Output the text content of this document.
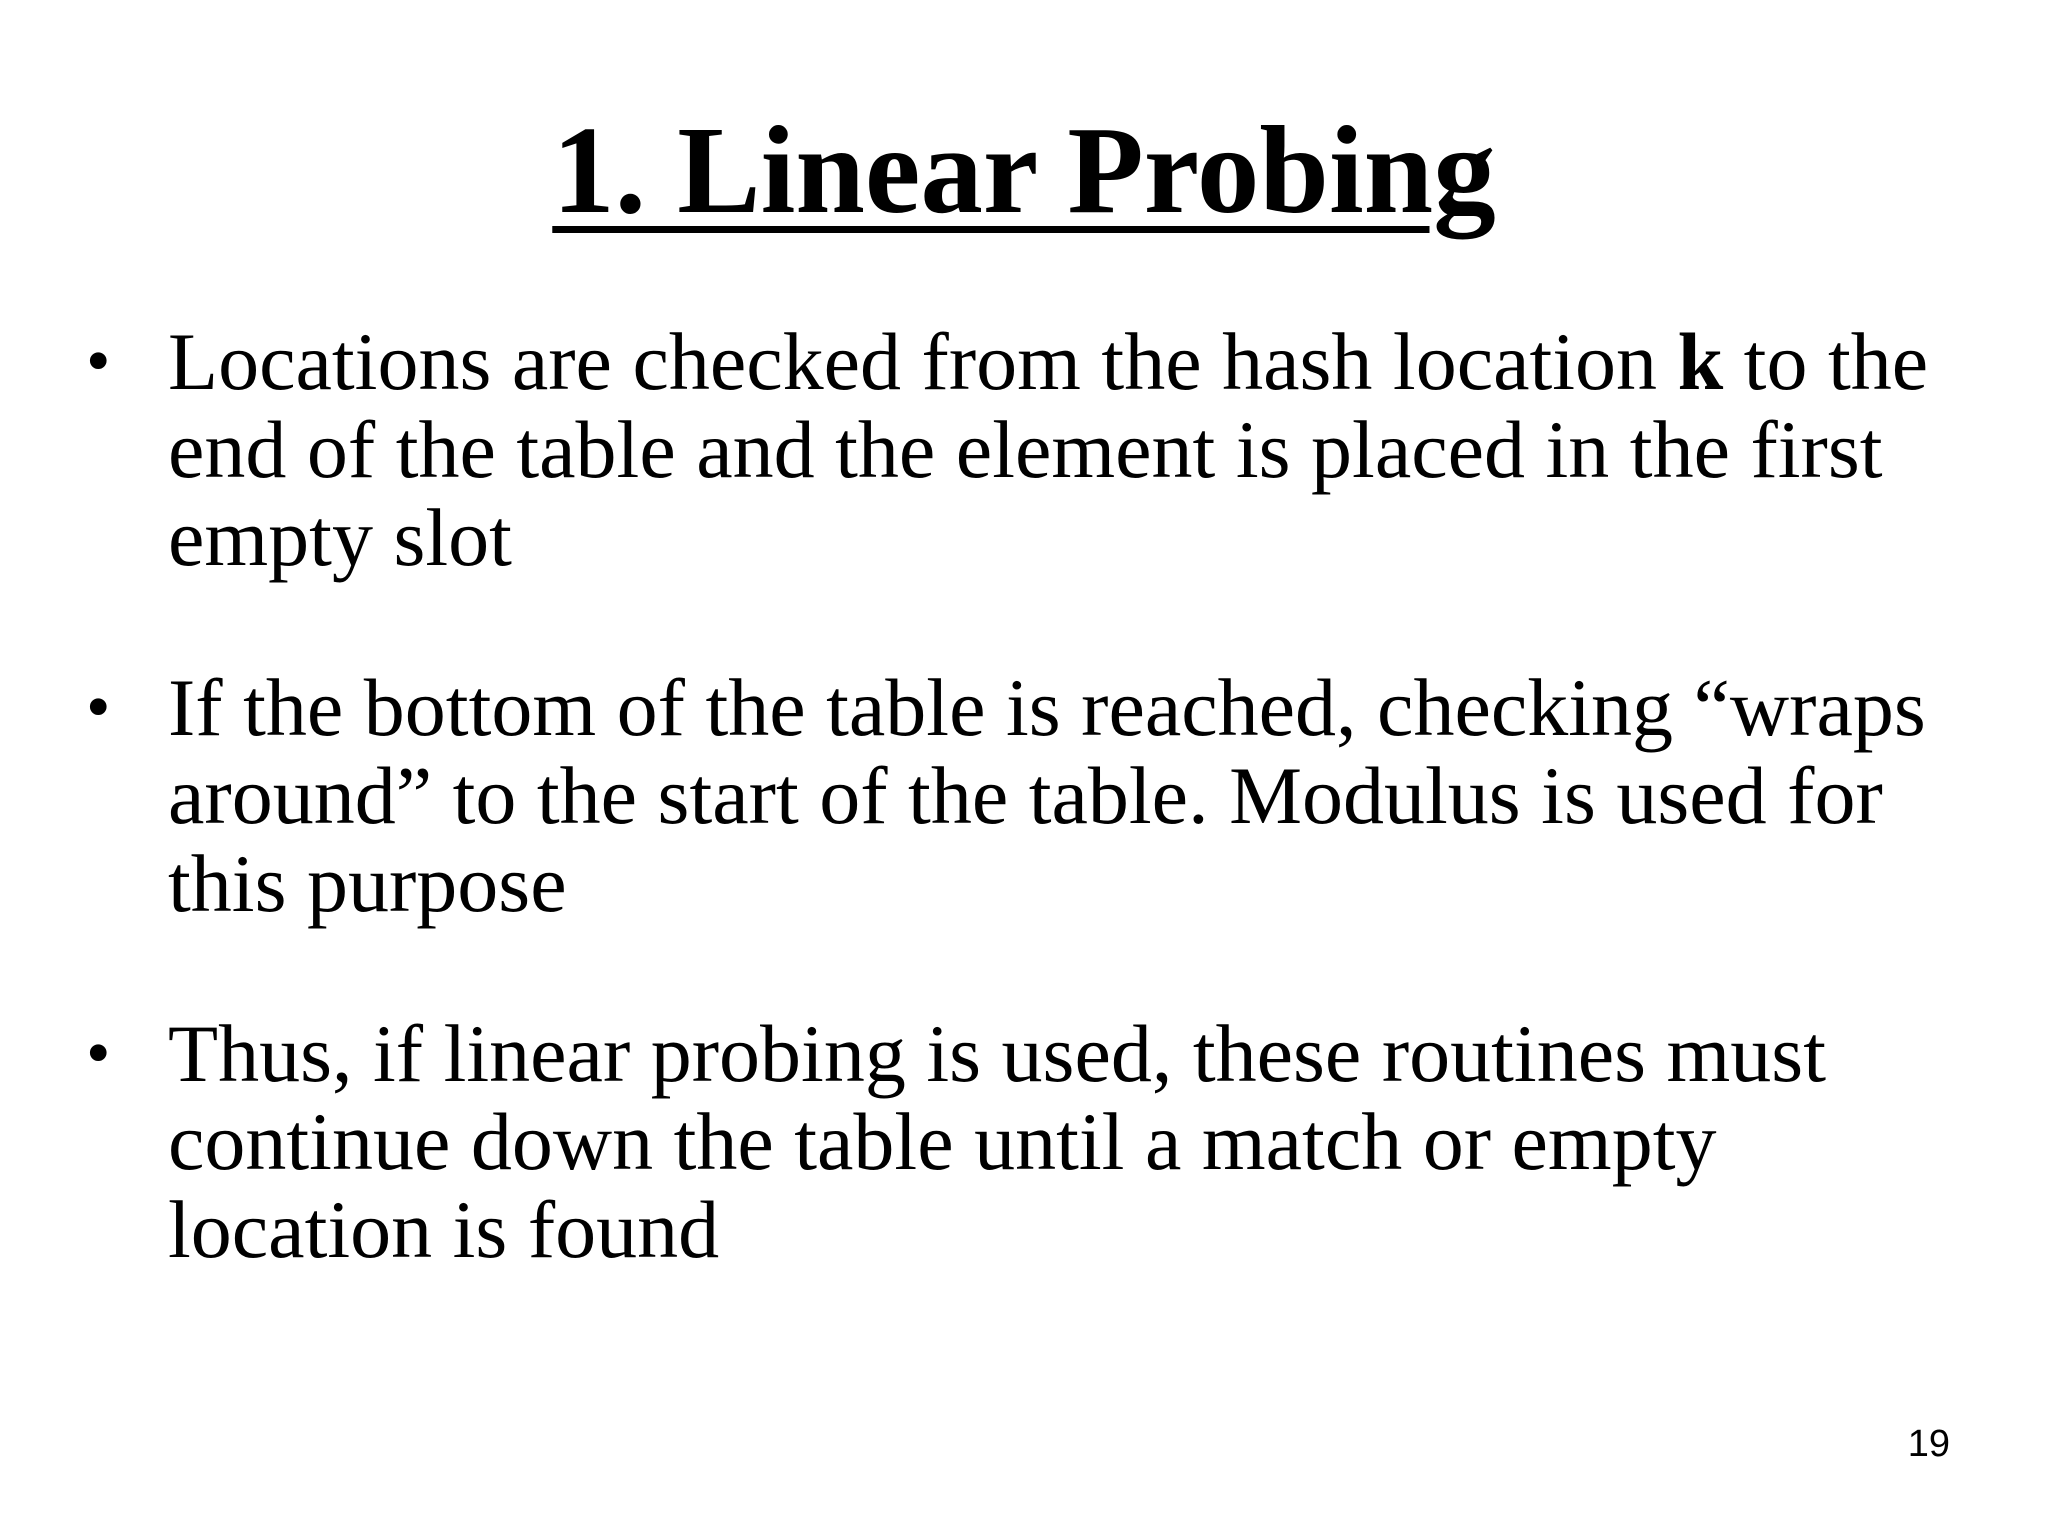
1. Linear Probing
• Locations are checked from the hash location k to the end of the table and the element is placed in the first empty slot
• If the bottom of the table is reached, checking “wraps around” to the start of the table. Modulus is used for this purpose
• Thus, if linear probing is used, these routines must continue down the table until a match or empty location is found
19
